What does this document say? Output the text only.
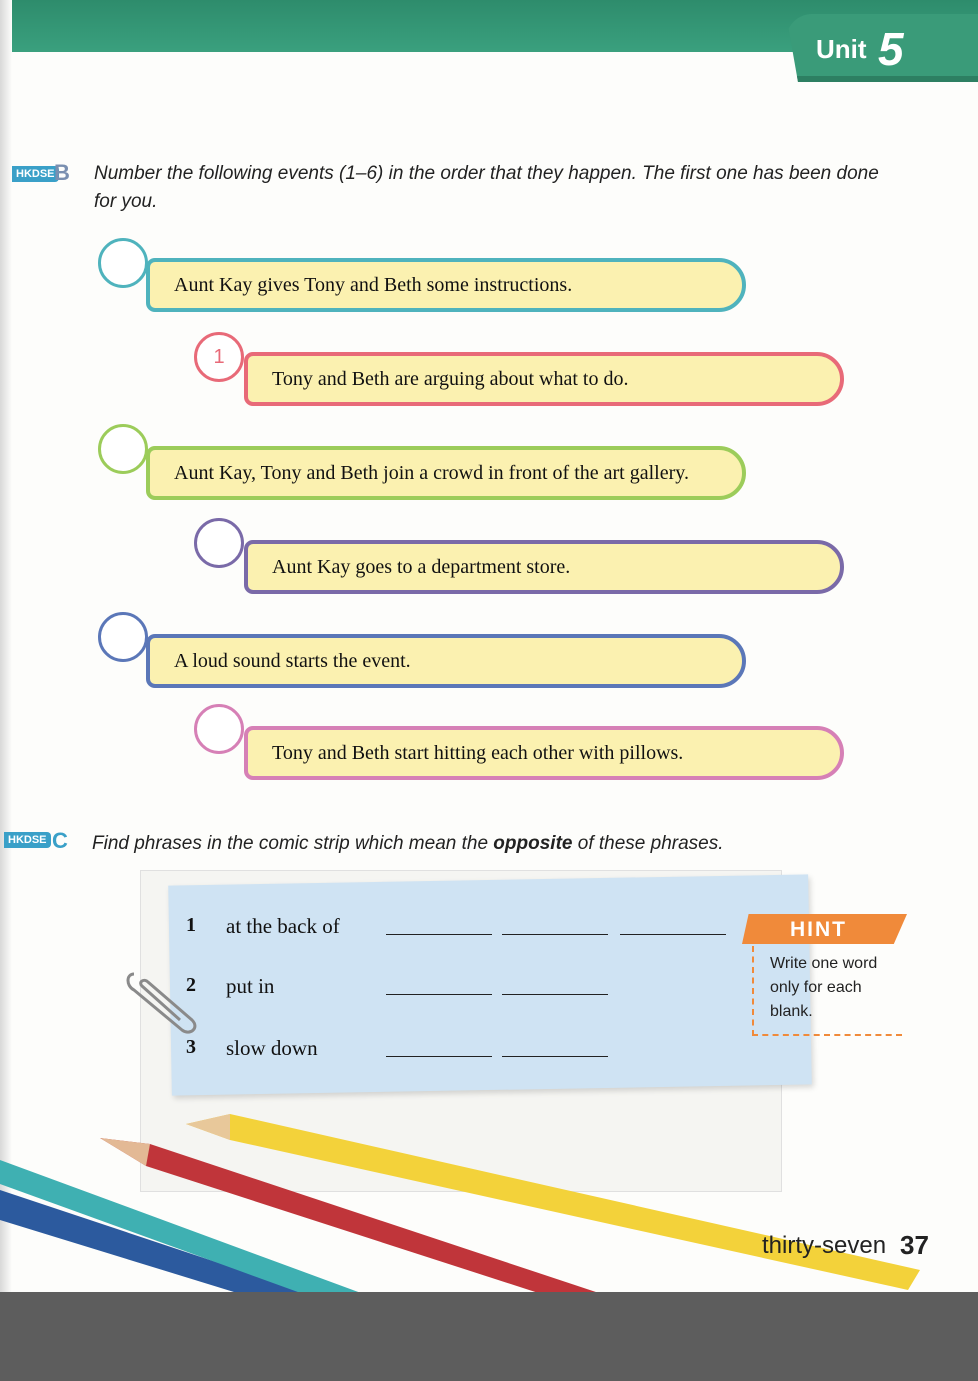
Unit 5
HKDSE B Number the following events (1–6) in the order that they happen. The first one has been done for you.
Aunt Kay gives Tony and Beth some instructions.
Tony and Beth are arguing about what to do.
1
Aunt Kay, Tony and Beth join a crowd in front of the art gallery.
Aunt Kay goes to a department store.
A loud sound starts the event.
Tony and Beth start hitting each other with pillows.
HKDSE C Find phrases in the comic strip which mean the opposite of these phrases.
1 at the back of
2 put in
3 slow down
HINT
Write one word only for each blank.
thirty-seven 37
